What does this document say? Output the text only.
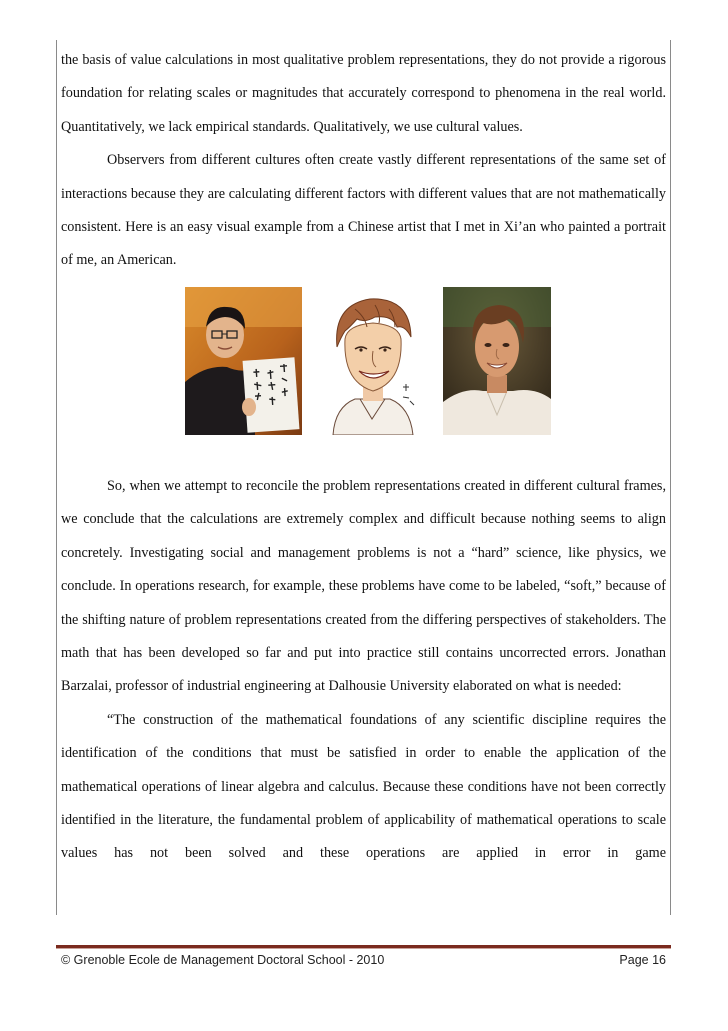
the basis of value calculations in most qualitative problem representations, they do not provide a rigorous foundation for relating scales or magnitudes that accurately correspond to phenomena in the real world. Quantitatively, we lack empirical standards. Qualitatively, we use cultural values.

Observers from different cultures often create vastly different representations of the same set of interactions because they are calculating different factors with different values that are not mathematically consistent. Here is an easy visual example from a Chinese artist that I met in Xi’an who painted a portrait of me, an American.

So, when we attempt to reconcile the problem representations created in different cultural frames, we conclude that the calculations are extremely complex and difficult because nothing seems to align concretely. Investigating social and management problems is not a “hard” science, like physics, we conclude. In operations research, for example, these problems have come to be labeled, “soft,” because of the shifting nature of problem representations created from the differing perspectives of stakeholders. The math that has been developed so far and put into practice still contains uncorrected errors. Jonathan Barzalai, professor of industrial engineering at Dalhousie University elaborated on what is needed:

“The construction of the mathematical foundations of any scientific discipline requires the identification of the conditions that must be satisfied in order to enable the application of the mathematical operations of linear algebra and calculus. Because these conditions have not been correctly identified in the literature, the fundamental problem of applicability of mathematical operations to scale values has not been solved and these operations are applied in error in game

© Grenoble Ecole de Management Doctoral School - 2010	Page 16
